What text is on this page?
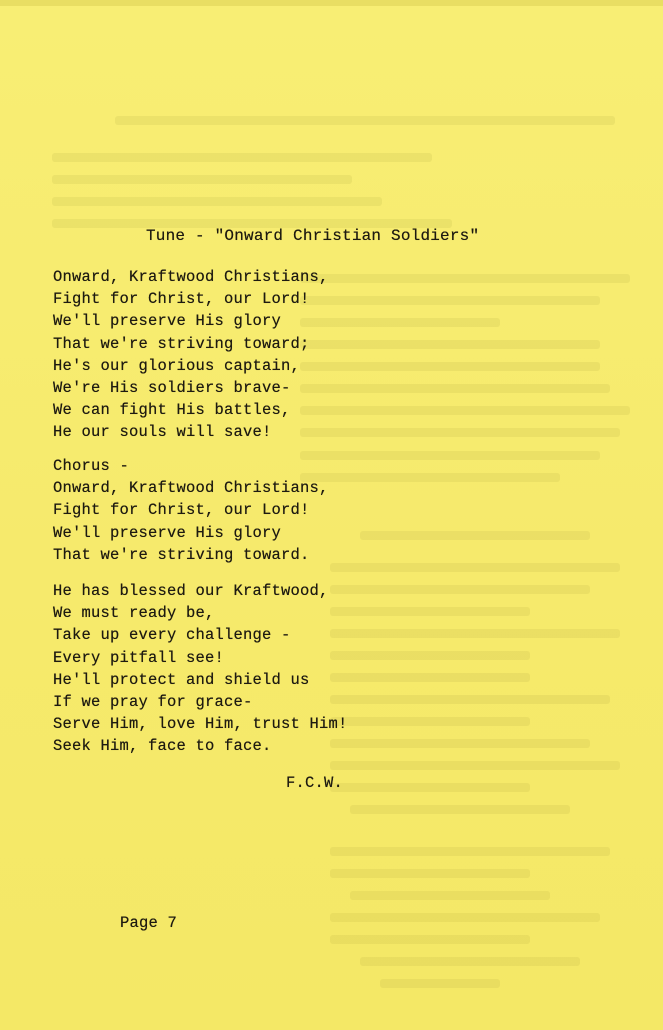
Tune - "Onward Christian Soldiers"
Onward, Kraftwood Christians,
Fight for Christ, our Lord!
We'll preserve His glory
That we're striving toward;
He's our glorious captain,
We're His soldiers brave-
We can fight His battles,
He our souls will save!
Chorus -
Onward, Kraftwood Christians,
Fight for Christ, our Lord!
We'll preserve His glory
That we're striving toward.
He has blessed our Kraftwood,
We must ready be,
Take up every challenge -
Every pitfall see!
He'll protect and shield us
If we pray for grace-
Serve Him, love Him, trust Him!
Seek Him, face to face.
F.C.W.
Page 7
